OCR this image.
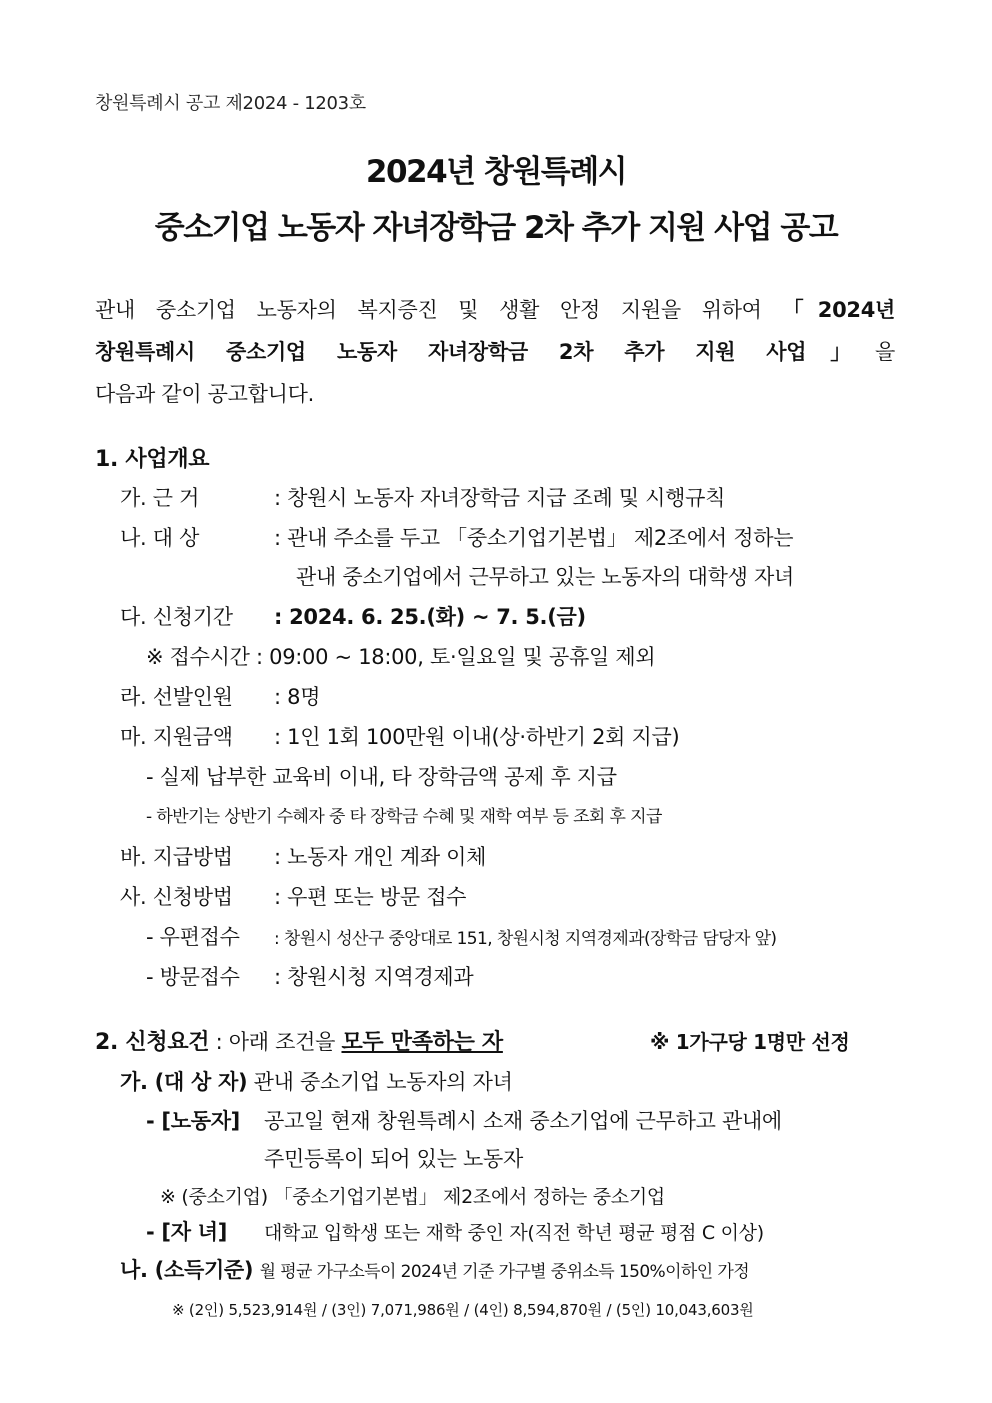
창원특례시 공고 제2024 - 1203호
2024년 창원특례시
중소기업 노동자 자녀장학금 2차 추가 지원 사업 공고
관내 중소기업 노동자의 복지증진 및 생활 안정 지원을 위하여 「2024년
창원특례시 중소기업 노동자 자녀장학금 2차 추가 지원 사업」을
다음과 같이 공고합니다.
1. 사업개요
가. 근 거	: 창원시 노동자 자녀장학금 지급 조례 및 시행규칙
나. 대 상	: 관내 주소를 두고 「중소기업기본법」 제2조에서 정하는
관내 중소기업에서 근무하고 있는 노동자의 대학생 자녀
다. 신청기간 : 2024. 6. 25.(화) ~ 7. 5.(금)
※ 접수시간 : 09:00 ~ 18:00, 토·일요일 및 공휴일 제외
라. 선발인원 : 8명
마. 지원금액 : 1인 1회 100만원 이내(상·하반기 2회 지급)
- 실제 납부한 교육비 이내, 타 장학금액 공제 후 지급
- 하반기는 상반기 수혜자 중 타 장학금 수혜 및 재학 여부 등 조회 후 지급
바. 지급방법 : 노동자 개인 계좌 이체
사. 신청방법 : 우편 또는 방문 접수
- 우편접수 : 창원시 성산구 중앙대로 151, 창원시청 지역경제과(장학금 담당자 앞)
- 방문접수 : 창원시청 지역경제과
2. 신청요건 : 아래 조건을 모두 만족하는 자	※ 1가구당 1명만 선정
가. (대 상 자) 관내 중소기업 노동자의 자녀
- [노동자] 공고일 현재 창원특례시 소재 중소기업에 근무하고 관내에
주민등록이 되어 있는 노동자
※ (중소기업) 「중소기업기본법」 제2조에서 정하는 중소기업
- [자 녀] 대학교 입학생 또는 재학 중인 자(직전 학년 평균 평점 C 이상)
나. (소득기준) 월 평균 가구소득이 2024년 기준 가구별 중위소득 150%이하인 가정
※ (2인) 5,523,914원 / (3인) 7,071,986원 / (4인) 8,594,870원 / (5인) 10,043,603원
